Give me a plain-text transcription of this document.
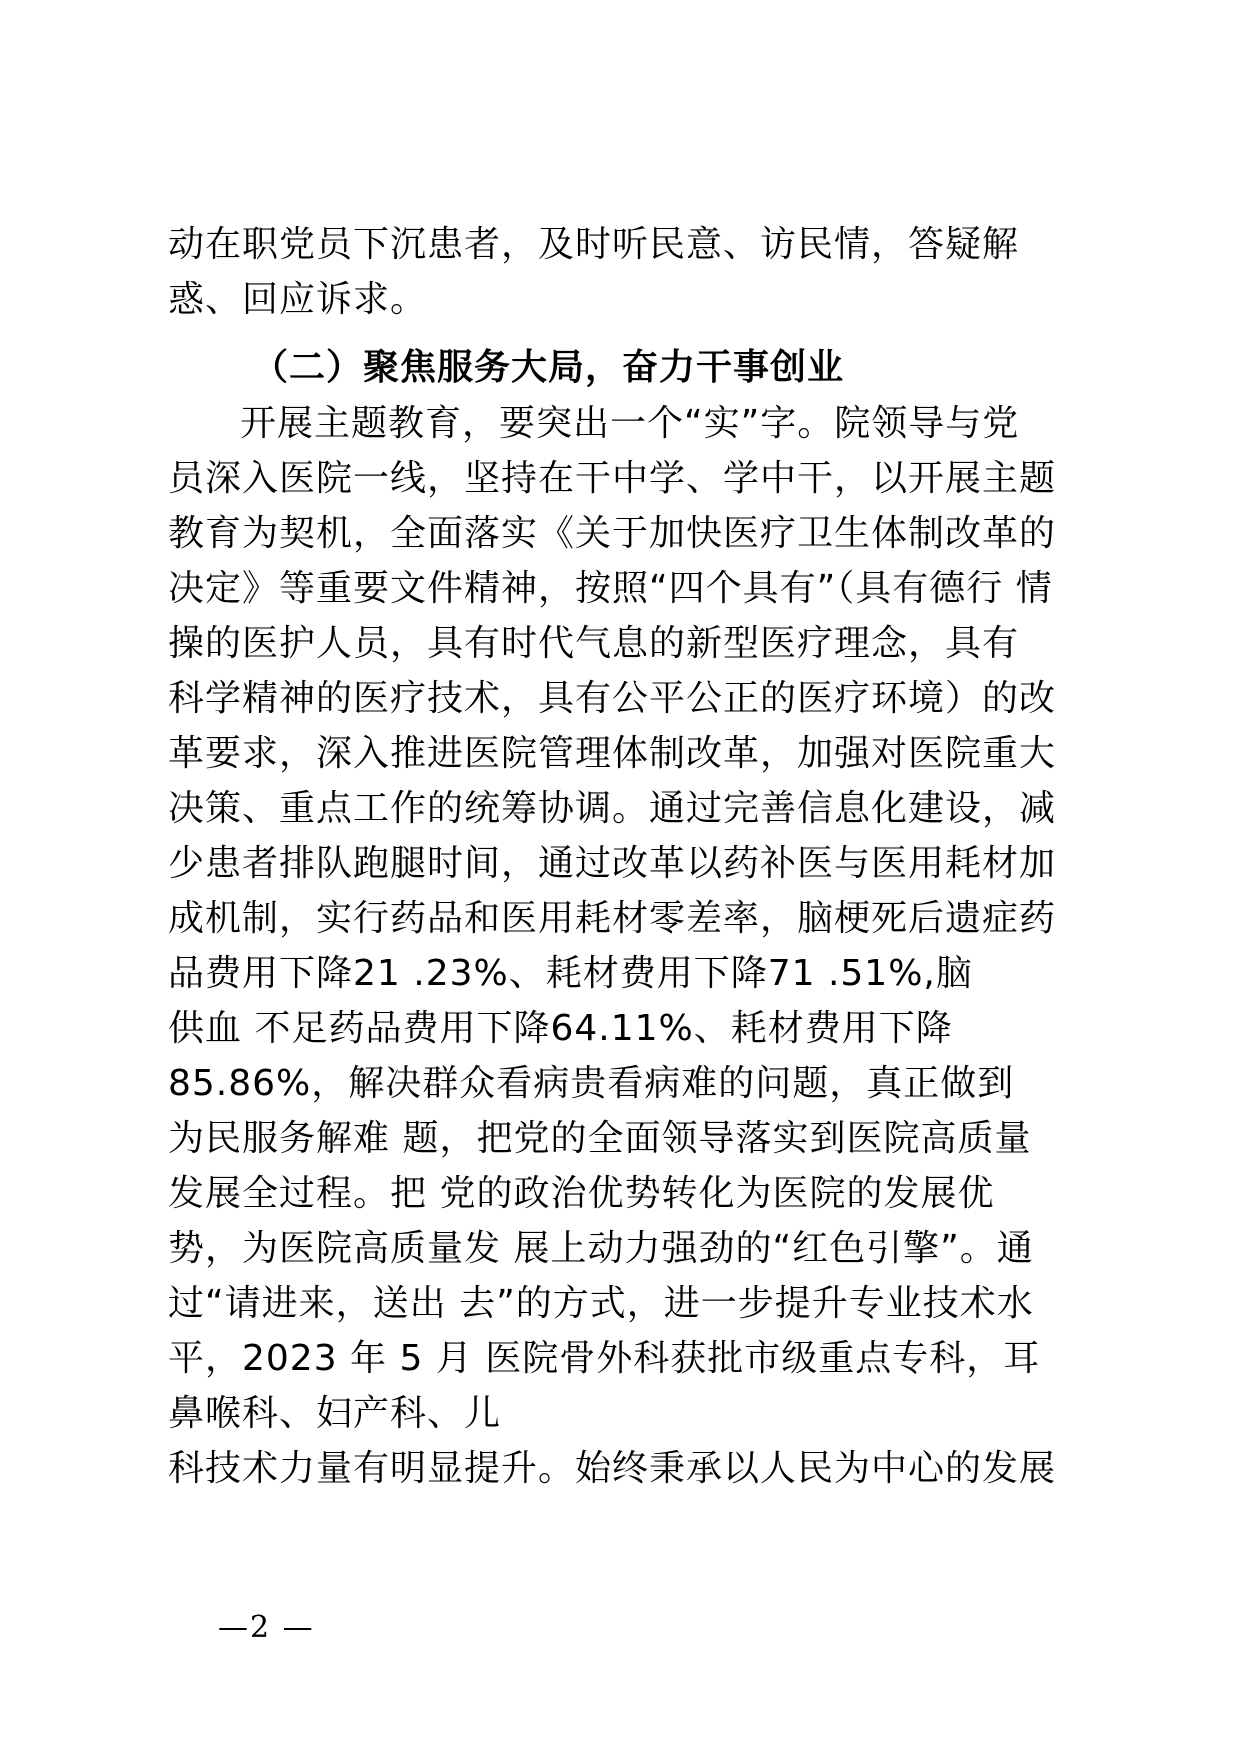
动在职党员下沉患者，及时听民意、访民情，答疑解
惑、回应诉求。
（二）聚焦服务大局，奋力干事创业
开展主题教育，要突出一个“实”字。院领导与党
员深入医院一线，坚持在干中学、学中干，以开展主题
教育为契机，全面落实《关于加快医疗卫生体制改革的
决定》等重要文件精神，按照“四个具有”（具有德行 情
操的医护人员，具有时代气息的新型医疗理念，具有
科学精神的医疗技术，具有公平公正的医疗环境）的改
革要求，深入推进医院管理体制改革，加强对医院重大
决策、重点工作的统筹协调。通过完善信息化建设，减
少患者排队跑腿时间，通过改革以药补医与医用耗材加
成机制，实行药品和医用耗材零差率，脑梗死后遗症药
品费用下降21 .23%、耗材费用下降71 .51%,脑
供血 不足药品费用下降64.11%、耗材费用下降
85.86%，解决群众看病贵看病难的问题，真正做到
为民服务解难 题，把党的全面领导落实到医院高质量
发展全过程。把 党的政治优势转化为医院的发展优
势，为医院高质量发 展上动力强劲的“红色引擎”。通
过“请进来，送出 去”的方式，进一步提升专业技术水
平，2023 年 5 月 医院骨外科获批市级重点专科，耳
鼻喉科、妇产科、儿
科技术力量有明显提升。始终秉承以人民为中心的发展
—2 —
